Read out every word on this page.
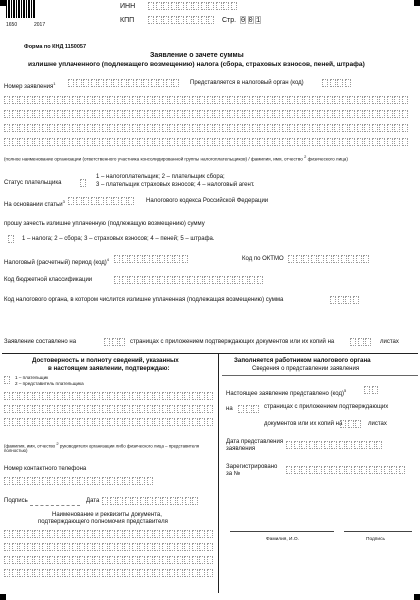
1650	2017
ИНН
КПП	Стр. 0 0 1
Форма по КНД 1150057
Заявление о зачете суммы
излишне уплаченного (подлежащего возмещению) налога (сбора, страховых взносов, пеней, штрафа)
Номер заявления$^1$	Представляется в налоговый орган (код)
(полное наименование организации (ответственного участника консолидированной группы налогоплательщиков) / фамилия, имя, отчество 2 физического лица)
Статус плательщика
1 – налогоплательщик; 2 – плательщик сбора;
3 – плательщик страховых взносов; 4 – налоговый агент.
На основании статьи$^3$	Налогового кодекса Российской Федерации
прошу зачесть излишне уплаченную (подлежащую возмещению) сумму
1 – налога; 2 – сбора; 3 – страховых взносов; 4 – пеней; 5 – штрафа.
Налоговый (расчетный) период (код)$^4$	Код по ОКТМО
Код бюджетной классификации
Код налогового органа, в котором числится излишне уплаченная (подлежащая возмещению) сумма
Заявление составлено на	страницах с приложением подтверждающих документов или их копий на	листах
Достоверность и полноту сведений, указанных
в настоящем заявлении, подтверждаю:
1 – плательщик
2 – представитель плательщика
(фамилия, имя, отчество 2 руководителя организации либо физического лица – представителя полностью)
Номер контактного телефона
Подпись	Дата
Наименование и реквизиты документа,
подтверждающего полномочия представителя
Заполняется работником налогового органа
Сведения о представлении заявления
Настоящее заявление представлено (код)$^5$
на	страницах с приложением подтверждающих
документов или их копий на	листах
Дата представления
заявления
Зарегистрировано
за №
Фамилия, И.О.	Подпись
